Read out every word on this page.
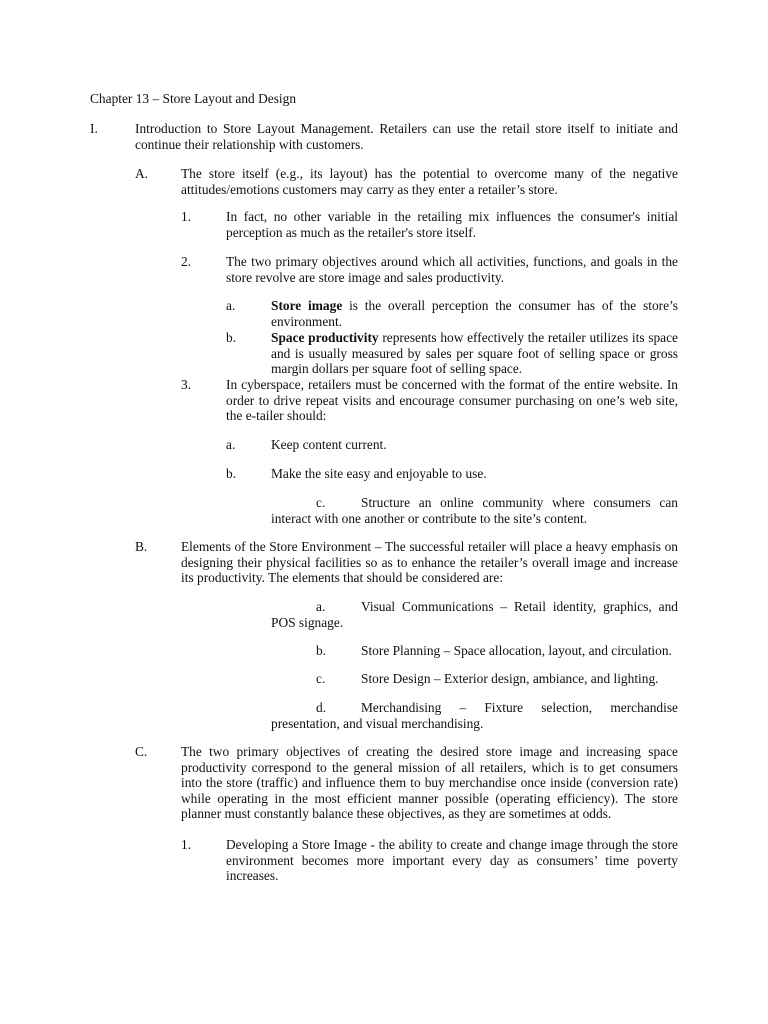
Chapter 13 – Store Layout and Design

I.	Introduction to Store Layout Management. Retailers can use the retail store itself to initiate and continue their relationship with customers.

A. The store itself (e.g., its layout) has the potential to overcome many of the negative attitudes/emotions customers may carry as they enter a retailer’s store.

1.	In fact, no other variable in the retailing mix influences the consumer's initial perception as much as the retailer's store itself.

2.	The two primary objectives around which all activities, functions, and goals in the store revolve are store image and sales productivity.

a.	Store image is the overall perception the consumer has of the store’s environment.

b.	Space productivity represents how effectively the retailer utilizes its space and is usually measured by sales per square foot of selling space or gross margin dollars per square foot of selling space.

3.	In cyberspace, retailers must be concerned with the format of the entire website. In order to drive repeat visits and encourage consumer purchasing on one’s web site, the e-tailer should:

a.	Keep content current.

b.	Make the site easy and enjoyable to use.

c.	Structure an online community where consumers can interact with one another or contribute to the site’s content.

B.	Elements of the Store Environment – The successful retailer will place a heavy emphasis on designing their physical facilities so as to enhance the retailer’s overall image and increase its productivity. The elements that should be considered are:

a.	Visual Communications – Retail identity, graphics, and POS signage.

b.	Store Planning – Space allocation, layout, and circulation.

c.	Store Design – Exterior design, ambiance, and lighting.

d.	Merchandising – Fixture selection, merchandise presentation, and visual merchandising.

C.	The two primary objectives of creating the desired store image and increasing space productivity correspond to the general mission of all retailers, which is to get consumers into the store (traffic) and influence them to buy merchandise once inside (conversion rate) while operating in the most efficient manner possible (operating efficiency). The store planner must constantly balance these objectives, as they are sometimes at odds.

1.	Developing a Store Image - the ability to create and change image through the store environment becomes more important every day as consumers’ time poverty increases.
